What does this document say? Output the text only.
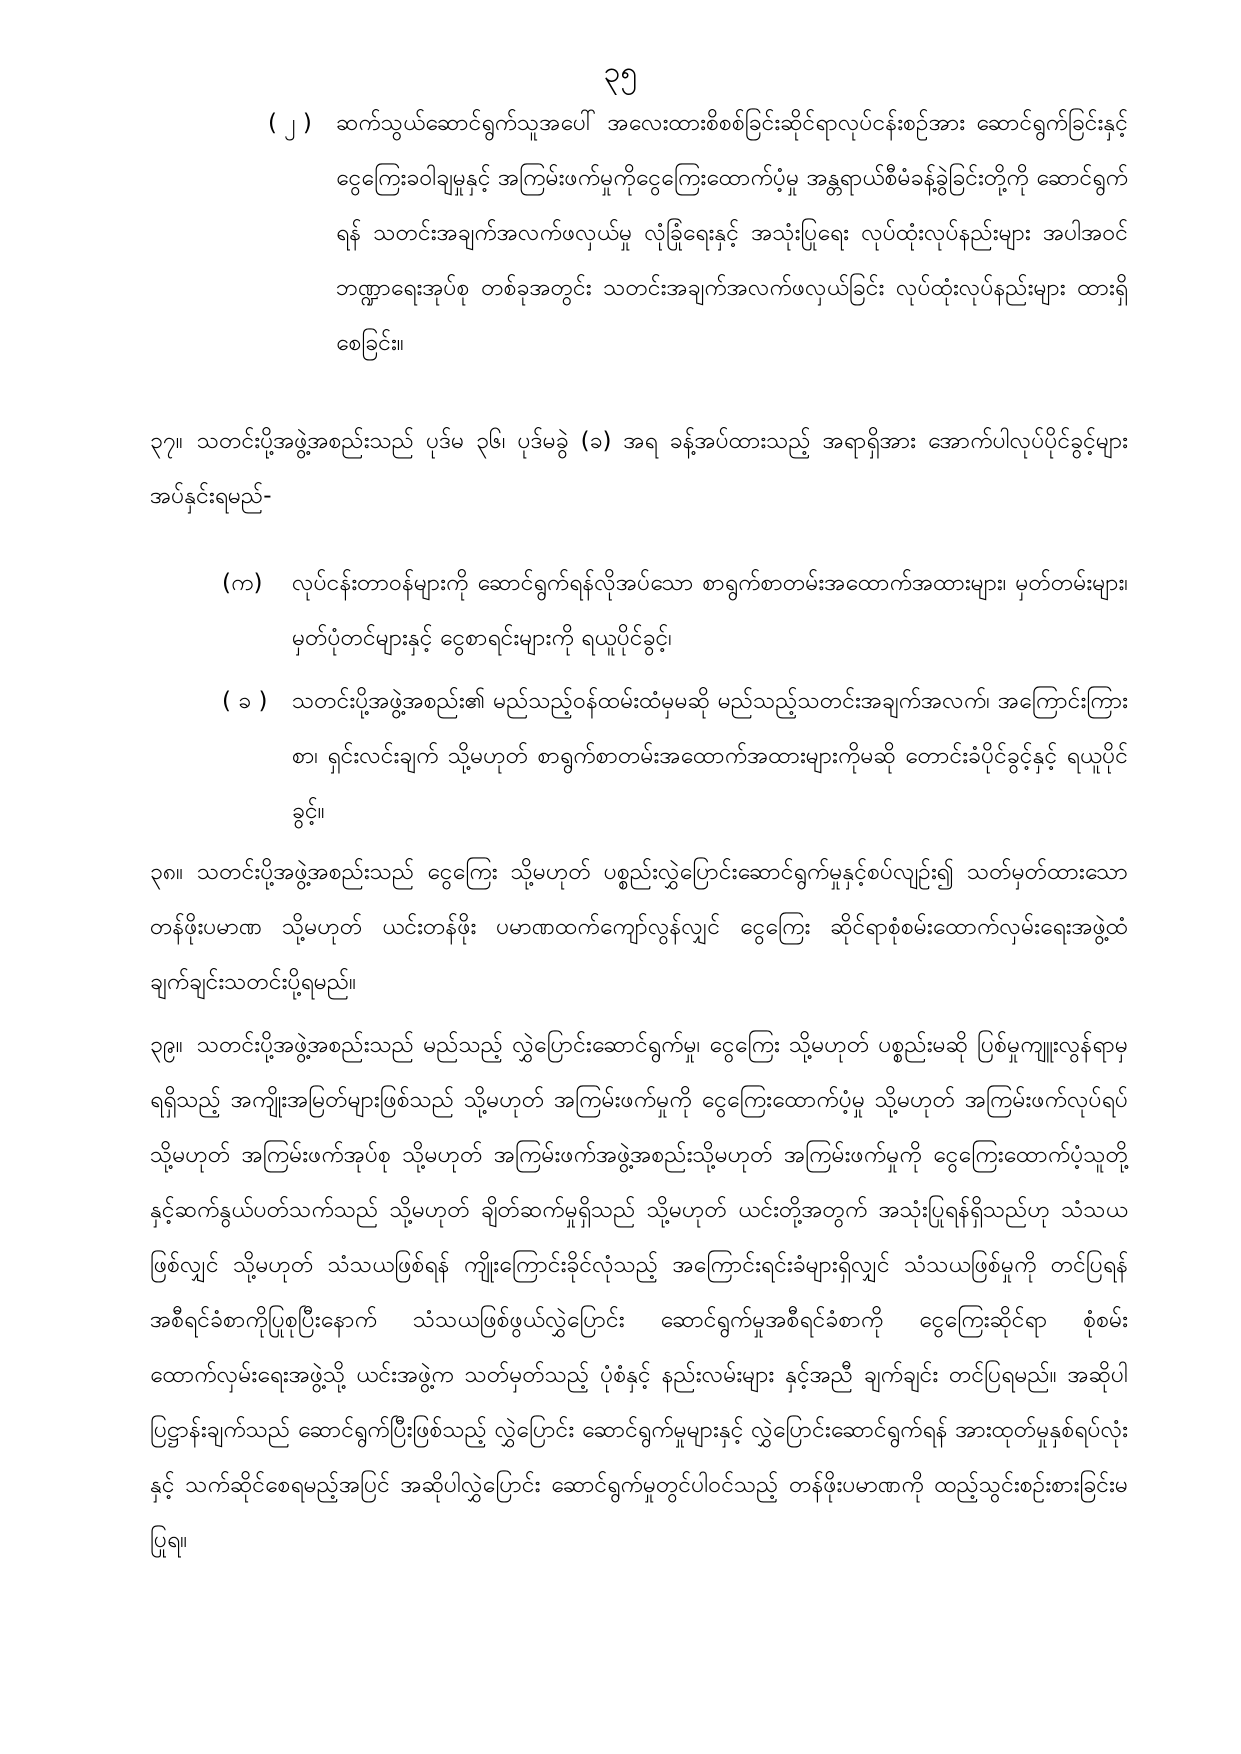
၃၅
( ၂ ) ဆက်သွယ်ဆောင်ရွက်သူအပေါ် အလေးထားစိစစ်ခြင်းဆိုင်ရာလုပ်ငန်းစဉ်အား ဆောင်ရွက်ခြင်းနှင့် ငွေကြေးခဝါချမှုနှင့် အကြမ်းဖက်မှုကိုငွေကြေးထောက်ပံ့မှု အန္တရာယ်စီမံခန့်ခွဲခြင်းတို့ကို ဆောင်ရွက်ရန် သတင်းအချက်အလက်ဖလှယ်မှု လုံခြုံရေးနှင့် အသုံးပြုရေး လုပ်ထုံးလုပ်နည်းများ အပါအဝင် ဘဏ္ဍာရေးအုပ်စု တစ်ခုအတွင်း သတင်းအချက်အလက်ဖလှယ်ခြင်း လုပ်ထုံးလုပ်နည်းများ ထားရှိ စေခြင်း။
၃၇။ သတင်းပို့အဖွဲ့အစည်းသည် ပုဒ်မ ၃၆၊ ပုဒ်မခွဲ (ခ) အရ ခန့်အပ်ထားသည့် အရာရှိအား အောက်ပါလုပ်ပိုင်ခွင့်များ အပ်နှင်းရမည်-
(က) လုပ်ငန်းတာဝန်များကို ဆောင်ရွက်ရန်လိုအပ်သော စာရွက်စာတမ်းအထောက်အထားများ၊ မှတ်တမ်းများ၊ မှတ်ပုံတင်များနှင့် ငွေစာရင်းများကို ရယူပိုင်ခွင့်၊
( ခ ) သတင်းပို့အဖွဲ့အစည်း၏ မည်သည့်ဝန်ထမ်းထံမှမဆို မည်သည့်သတင်းအချက်အလက်၊ အကြောင်းကြားစာ၊ ရှင်းလင်းချက် သို့မဟုတ် စာရွက်စာတမ်းအထောက်အထားများကိုမဆို တောင်းခံပိုင်ခွင့်နှင့် ရယူပိုင်ခွင့်။
၃၈။ သတင်းပို့အဖွဲ့အစည်းသည် ငွေကြေး သို့မဟုတ် ပစ္စည်းလွှဲပြောင်းဆောင်ရွက်မှုနှင့်စပ်လျဉ်း၍ သတ်မှတ်ထားသော တန်ဖိုးပမာဏ သို့မဟုတ် ယင်းတန်ဖိုး ပမာဏထက်ကျော်လွန်လျှင် ငွေကြေး ဆိုင်ရာစုံစမ်းထောက်လှမ်းရေးအဖွဲ့ထံ ချက်ချင်းသတင်းပို့ရမည်။
၃၉။ သတင်းပို့အဖွဲ့အစည်းသည် မည်သည့် လွှဲပြောင်းဆောင်ရွက်မှု၊ ငွေကြေး သို့မဟုတ် ပစ္စည်းမဆို ပြစ်မှုကျူးလွန်ရာမှရရှိသည့် အကျိုးအမြတ်များဖြစ်သည် သို့မဟုတ် အကြမ်းဖက်မှုကို ငွေကြေးထောက်ပံ့မှု သို့မဟုတ် အကြမ်းဖက်လုပ်ရပ် သို့မဟုတ် အကြမ်းဖက်အုပ်စု သို့မဟုတ် အကြမ်းဖက်အဖွဲ့အစည်းသို့မဟုတ် အကြမ်းဖက်မှုကို ငွေကြေးထောက်ပံ့သူတို့နှင့်ဆက်နွယ်ပတ်သက်သည် သို့မဟုတ် ချိတ်ဆက်မှုရှိသည် သို့မဟုတ် ယင်းတို့အတွက် အသုံးပြုရန်ရှိသည်ဟု သံသယဖြစ်လျှင် သို့မဟုတ် သံသယဖြစ်ရန် ကျိုးကြောင်းခိုင်လုံသည့် အကြောင်းရင်းခံများရှိလျှင် သံသယဖြစ်မှုကို တင်ပြရန် အစီရင်ခံစာကိုပြုစုပြီးနောက် သံသယဖြစ်ဖွယ်လွှဲပြောင်း ဆောင်ရွက်မှုအစီရင်ခံစာကို ငွေကြေးဆိုင်ရာ စုံစမ်းထောက်လှမ်းရေးအဖွဲ့သို့ ယင်းအဖွဲ့က သတ်မှတ်သည့် ပုံစံနှင့် နည်းလမ်းများ နှင့်အညီ ချက်ချင်း တင်ပြရမည်။ အဆိုပါပြဋ္ဌာန်းချက်သည် ဆောင်ရွက်ပြီးဖြစ်သည့် လွှဲပြောင်း ဆောင်ရွက်မှုများနှင့် လွှဲပြောင်းဆောင်ရွက်ရန် အားထုတ်မှုနှစ်ရပ်လုံးနှင့် သက်ဆိုင်စေရမည့်အပြင် အဆိုပါလွှဲပြောင်း ဆောင်ရွက်မှုတွင်ပါဝင်သည့် တန်ဖိုးပမာဏကို ထည့်သွင်းစဉ်းစားခြင်းမပြုရ။
